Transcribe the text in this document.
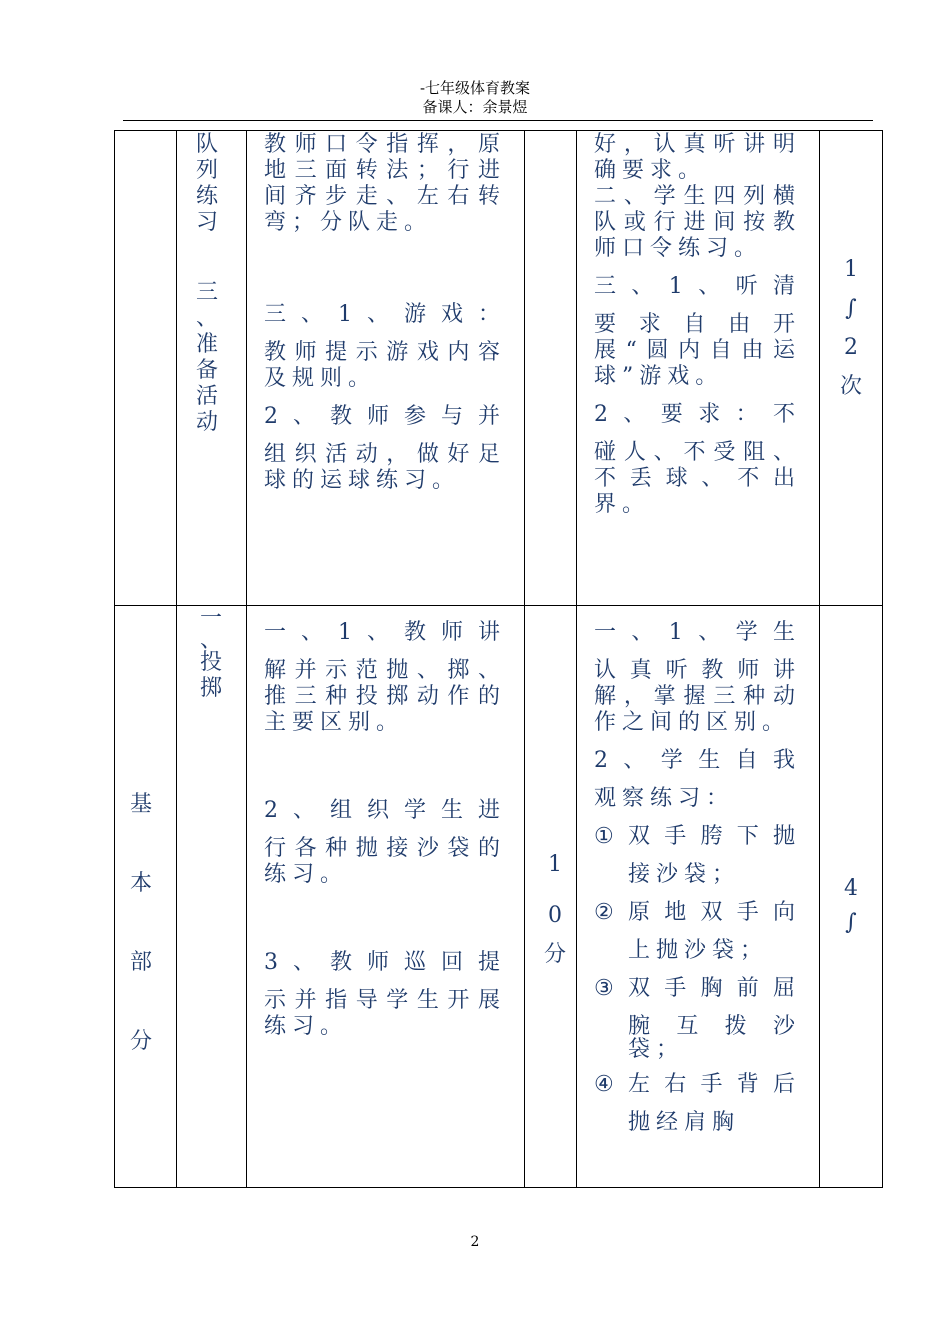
-七年级体育教案
备课人：余景煜
队
列
练
习
三
、
准
备
活
动

教师口令指挥，原地三面转法；行进间齐步走、左右转弯；分队走。

三、1、游戏：

教师提示游戏内容及规则。

2、教师参与并

组织活动，做好足球的运球练习。

好，认真听讲明确要求。

二、学生四列横队或行进间按教师口令练习。

三、1、听清

要求自由开展“圆内自由运球”游戏。

2、要求：不

碰人、不受阻、不丢球、不出界。

1
∫
2
次
基
本
部
分
一
、
投
掷

一、1、教师讲

解并示范抛、掷、推三种投掷动作的主要区别。

2、组织学生进

行各种抛接沙袋的练习。

3、教师巡回提

示并指导学生开展练习。

1
0
分

一、1、学生

认真听教师讲解，掌握三种动作之间的区别。

2、学生自我

观察练习：

① 双手胯下抛

接沙袋；

② 原地双手向

上抛沙袋；

③ 双手胸前屈

腕互拨沙

袋；

④ 左右手背后

抛经肩胸

4
∫
2
